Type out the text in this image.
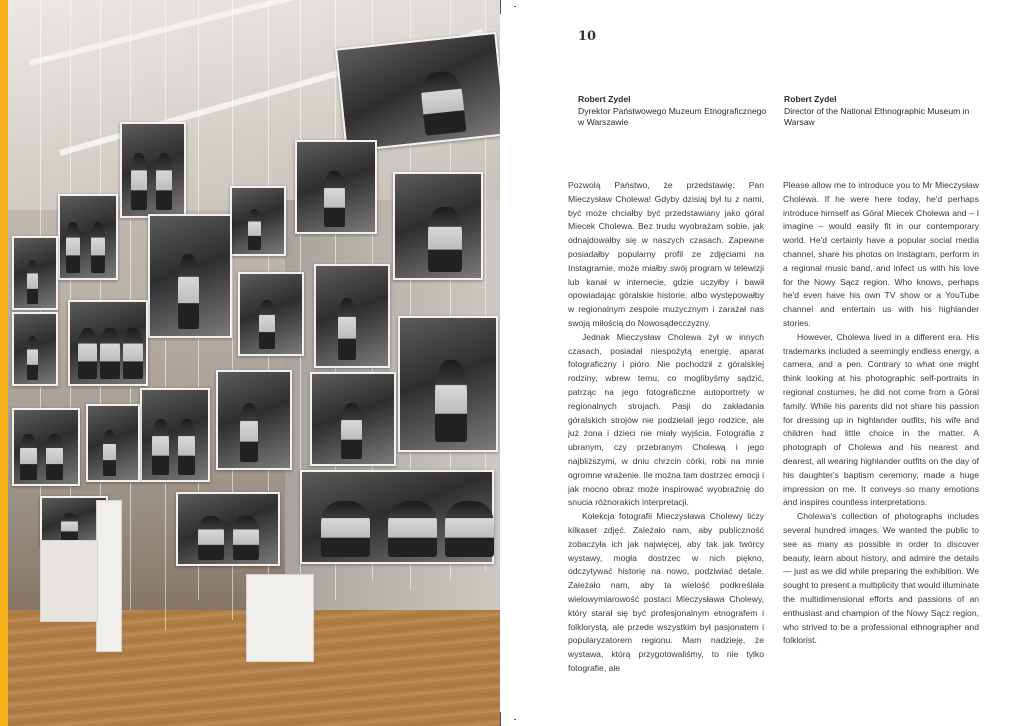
10
Robert Zydel
Dyrektor Państwowego Muzeum Etnograficznego w Warszawie
Robert Zydel
Director of the National Ethnographic Museum in Warsaw

Pozwolą Państwo, że przedstawię: Pan Mieczysław Cholewa! Gdyby dzisiaj był tu z nami, być może chciałby być przedstawiany jako góral Miecek Cholewa. Bez trudu wyobrażam sobie, jak odnajdowałby się w naszych czasach. Zapewne posiadałby popularny profil ze zdjęciami na Instagramie, może miałby swój program w telewizji lub kanał w internecie, gdzie uczyłby i bawił opowiadając góralskie historie, albo występowałby w regionalnym zespole muzycznym i zarażał nas swoją miłością do Nowosądecczyzny.

Jednak Mieczysław Cholewa żył w innych czasach, posiadał niespożytą energię, aparat fotograficzny i pióro. Nie pochodził z góralskiej rodziny, wbrew temu, co moglibyśmy sądzić, patrząc na jego fotograficzne autoportrety w regionalnych strojach. Pasji do zakładania góralskich strojów nie podzielali jego rodzice, ale już żona i dzieci nie miały wyjścia. Fotografia z ubranym, czy przebranym Cholewą i jego najbliższymi, w dniu chrzcin córki, robi na mnie ogromne wrażenie. Ile można tam dostrzec emocji i jak mocno obraz może inspirować wyobraźnię do snucia różnorakich interpretacji.

Kolekcja fotografii Mieczysława Cholewy liczy kilkaset zdjęć. Zależało nam, aby publiczność zobaczyła ich jak najwięcej, aby tak jak twórcy wystawy, mogła dostrzec w nich piękno, odczytywać historię na nowo, podziwiać detale. Zależało nam, aby ta wielość podkreślała wielowymiarowość postaci Mieczysława Cholewy, który starał się być profesjonalnym etnografem i folklorystą, ale przede wszystkim był pasjonatem i popularyzatorem regionu. Mam nadzieję, że wystawa, którą przygotowaliśmy, to nie tylko fotografie, ale

Please allow me to introduce you to Mr Mieczysław Cholewa. If he were here today, he'd perhaps introduce himself as Góral Miecek Cholewa and – I imagine – would easily fit in our contemporary world. He'd certainly have a popular social media channel, share his photos on Instagram, perform in a regional music band, and infect us with his love for the Nowy Sącz region. Who knows, perhaps he'd even have his own TV show or a YouTube channel and entertain us with his highlander stories.

However, Cholewa lived in a different era. His trademarks included a seemingly endless energy, a camera, and a pen. Contrary to what one might think looking at his photographic self-portraits in regional costumes, he did not come from a Góral family. While his parents did not share his passion for dressing up in highlander outfits, his wife and children had little choice in the matter. A photograph of Cholewa and his nearest and dearest, all wearing highlander outfits on the day of his daughter's baptism ceremony, made a huge impression on me. It conveys so many emotions and inspires countless interpretations.

Cholewa's collection of photographs includes several hundred images. We wanted the public to see as many as possible in order to discover beauty, learn about history, and admire the details — just as we did while preparing the exhibition. We sought to present a multiplicity that would illuminate the multidimensional efforts and passions of an enthusiast and champion of the Nowy Sącz region, who strived to be a professional ethnographer and folklorist.
